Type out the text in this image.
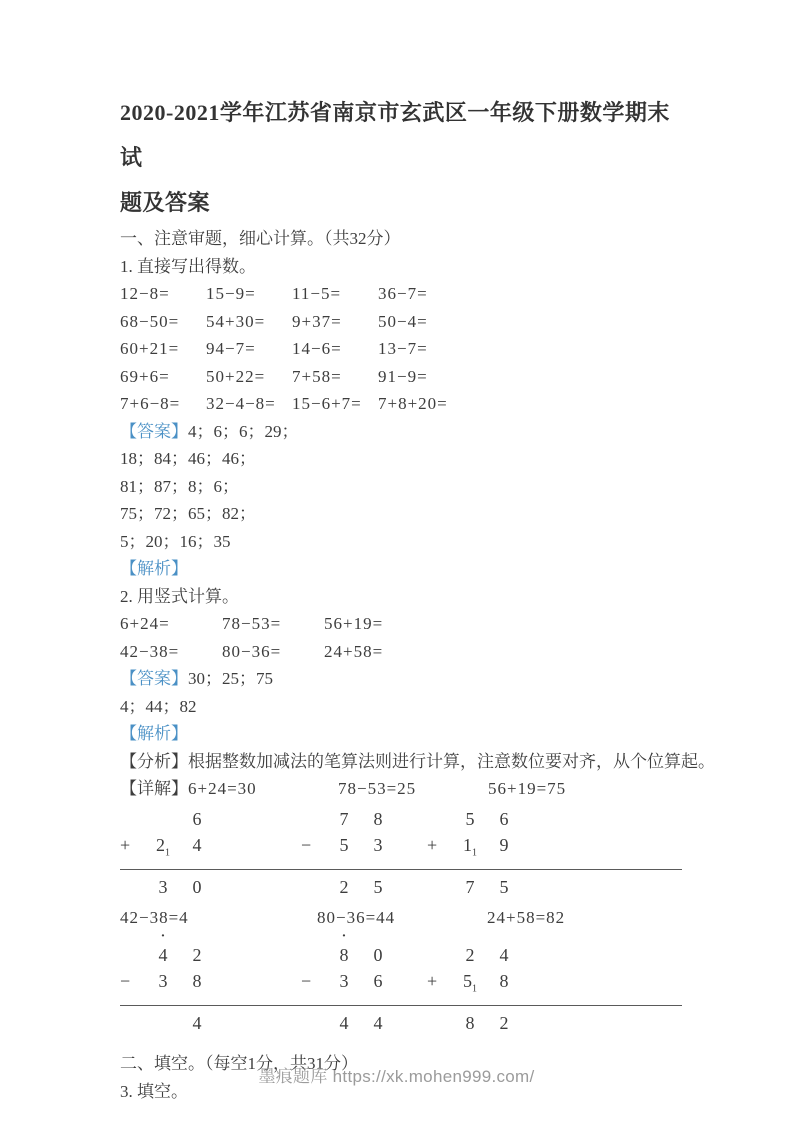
2020-2021学年江苏省南京市玄武区一年级下册数学期末试
题及答案
一、注意审题，细心计算。（共32分）
1. 直接写出得数。
12−8=	15−9=	11−5=	36−7=
68−50=	54+30=	9+37=	50−4=
60+21=	94−7=	14−6=	13−7=
69+6=	50+22=	7+58=	91−9=
7+6−8=	32−4−8= 15−6+7= 7+8+20=
【答案】4；6；6；29；
18；84；46；46；
81；87；8；6；
75；72；65；82；
5；20；16；35
【解析】
2. 用竖式计算。
6+24=	78−53=	56+19=
42−38=	80−36=	24+58=
【答案】30；25；75
4；44；82
【解析】
【分析】根据整数加减法的笔算法则进行计算，注意数位要对齐，从个位算起。
【详解】 6+24=30	78−53=25	56+19=75
6
+	$2_1$	4
3	0
7	8
−	5	3
2	5
5	6
+	$1_1$	9
7	5
42−38=4	80−36=44	24+58=82
·
4	2
−	3	8
4
·
8	0
−	3	6
4	4
2	4
+	$5_1$	8
8	2
二、填空。（每空1分，共31分）
3. 填空。
墨痕题库 https://xk.mohen999.com/
